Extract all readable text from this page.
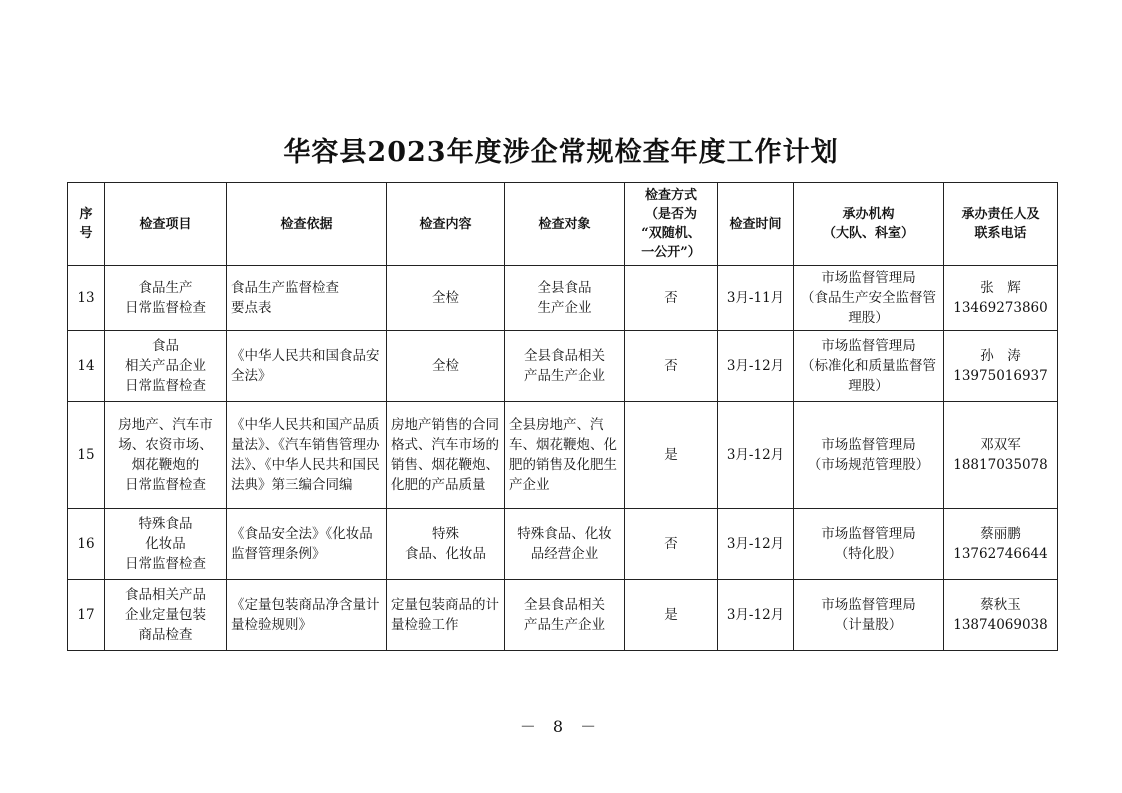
华容县2023年度涉企常规检查年度工作计划
序
号	检查项目	检查依据	检查内容	检查对象	检查方式
（是否为
“双随机、
一公开”）	检查时间	承办机构
（大队、科室）	承办责任人及
联系电话
13	食品生产
日常监督检查	食品生产监督检查
要点表	全检	全县食品
生产企业	否	3月-11月	市场监督管理局
（食品生产安全监督管理股）	张　辉
13469273860
14	食品
相关产品企业
日常监督检查	《中华人民共和国食品安全法》	全检	全县食品相关
产品生产企业	否	3月-12月	市场监督管理局
（标准化和质量监督管理股）	孙　涛
13975016937
15	房地产、汽车市场、农资市场、
烟花鞭炮的
日常监督检查	《中华人民共和国产品质量法》、《汽车销售管理办法》、《中华人民共和国民法典》第三编合同编	房地产销售的合同格式、汽车市场的销售、烟花鞭炮、化肥的产品质量	全县房地产、汽车、烟花鞭炮、化肥的销售及化肥生产企业	是	3月-12月	市场监督管理局
（市场规范管理股）	邓双军
18817035078
16	特殊食品
化妆品
日常监督检查	《食品安全法》《化妆品监督管理条例》	特殊
食品、化妆品	特殊食品、化妆
品经营企业	否	3月-12月	市场监督管理局
（特化股）	蔡丽鹏
13762746644
17	食品相关产品
企业定量包装
商品检查	《定量包装商品净含量计量检验规则》	定量包装商品的计量检验工作	全县食品相关
产品生产企业	是	3月-12月	市场监督管理局
（计量股）	蔡秋玉
13874069038
－ 8 －
